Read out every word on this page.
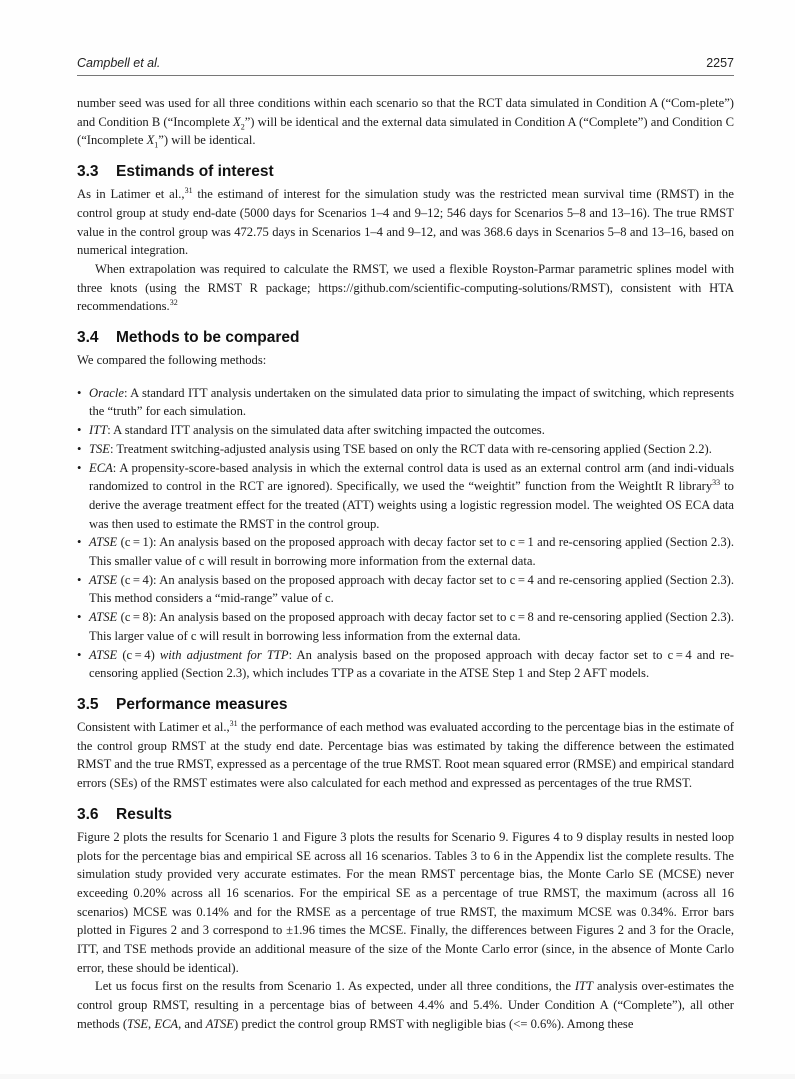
Campbell et al.	2257

number seed was used for all three conditions within each scenario so that the RCT data simulated in Condition A (“Com-plete”) and Condition B (“Incomplete $X_2$”) will be identical and the external data simulated in Condition A (“Complete”) and Condition C (“Incomplete $X_1$”) will be identical.

3.3 Estimands of interest

As in Latimer et al.,$^{31}$ the estimand of interest for the simulation study was the restricted mean survival time (RMST) in the control group at study end-date (5000 days for Scenarios 1–4 and 9–12; 546 days for Scenarios 5–8 and 13–16). The true RMST value in the control group was 472.75 days in Scenarios 1–4 and 9–12, and was 368.6 days in Scenarios 5–8 and 13–16, based on numerical integration.

When extrapolation was required to calculate the RMST, we used a flexible Royston-Parmar parametric splines model with three knots (using the RMST R package; https://github.com/scientific-computing-solutions/RMST), consistent with HTA recommendations.$^{32}$

3.4 Methods to be compared

We compared the following methods:

• Oracle: A standard ITT analysis undertaken on the simulated data prior to simulating the impact of switching, which represents the “truth” for each simulation.
• ITT: A standard ITT analysis on the simulated data after switching impacted the outcomes.
• TSE: Treatment switching-adjusted analysis using TSE based on only the RCT data with re-censoring applied (Section 2.2).
• ECA: A propensity-score-based analysis in which the external control data is used as an external control arm (and indi-viduals randomized to control in the RCT are ignored). Specifically, we used the “weightit” function from the WeightIt R library$^{33}$ to derive the average treatment effect for the treated (ATT) weights using a logistic regression model. The weighted OS ECA data was then used to estimate the RMST in the control group.
• ATSE (c = 1): An analysis based on the proposed approach with decay factor set to c = 1 and re-censoring applied (Section 2.3). This smaller value of c will result in borrowing more information from the external data.
• ATSE (c = 4): An analysis based on the proposed approach with decay factor set to c = 4 and re-censoring applied (Section 2.3). This method considers a “mid-range” value of c.
• ATSE (c = 8): An analysis based on the proposed approach with decay factor set to c = 8 and re-censoring applied (Section 2.3). This larger value of c will result in borrowing less information from the external data.
• ATSE (c = 4) with adjustment for TTP: An analysis based on the proposed approach with decay factor set to c = 4 and re-censoring applied (Section 2.3), which includes TTP as a covariate in the ATSE Step 1 and Step 2 AFT models.
3.5 Performance measures

Consistent with Latimer et al.,$^{31}$ the performance of each method was evaluated according to the percentage bias in the estimate of the control group RMST at the study end date. Percentage bias was estimated by taking the difference between the estimated RMST and the true RMST, expressed as a percentage of the true RMST. Root mean squared error (RMSE) and empirical standard errors (SEs) of the RMST estimates were also calculated for each method and expressed as percentages of the true RMST.

3.6 Results

Figure 2 plots the results for Scenario 1 and Figure 3 plots the results for Scenario 9. Figures 4 to 9 display results in nested loop plots for the percentage bias and empirical SE across all 16 scenarios. Tables 3 to 6 in the Appendix list the complete results. The simulation study provided very accurate estimates. For the mean RMST percentage bias, the Monte Carlo SE (MCSE) never exceeding 0.20% across all 16 scenarios. For the empirical SE as a percentage of true RMST, the maximum (across all 16 scenarios) MCSE was 0.14% and for the RMSE as a percentage of true RMST, the maximum MCSE was 0.34%. Error bars plotted in Figures 2 and 3 correspond to ±1.96 times the MCSE. Finally, the differences between Figures 2 and 3 for the Oracle, ITT, and TSE methods provide an additional measure of the size of the Monte Carlo error (since, in the absence of Monte Carlo error, these should be identical).

Let us focus first on the results from Scenario 1. As expected, under all three conditions, the ITT analysis over-estimates the control group RMST, resulting in a percentage bias of between 4.4% and 5.4%. Under Condition A (“Complete”), all other methods (TSE, ECA, and ATSE) predict the control group RMST with negligible bias (<= 0.6%). Among these
